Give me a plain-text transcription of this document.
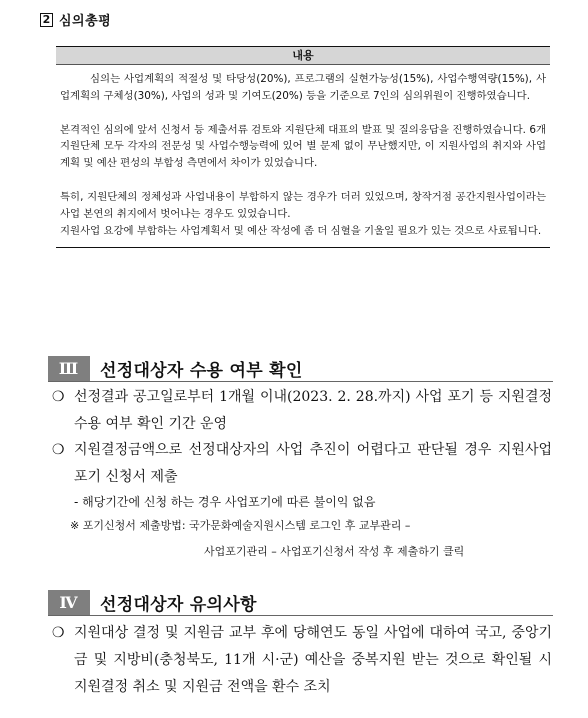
2 심의총평
내용

심의는 사업계획의 적절성 및 타당성(20%), 프로그램의 실현가능성(15%), 사업수행역량(15%), 사업계획의 구체성(30%), 사업의 성과 및 기여도(20%) 등을 기준으로 7인의 심의위원이 진행하였습니다.

본격적인 심의에 앞서 신청서 등 제출서류 검토와 지원단체 대표의 발표 및 질의응답을 진행하였습니다. 6개 지원단체 모두 각자의 전문성 및 사업수행능력에 있어 별 문제 없이 무난했지만, 이 지원사업의 취지와 사업계획 및 예산 편성의 부합성 측면에서 차이가 있었습니다.

특히, 지원단체의 정체성과 사업내용이 부합하지 않는 경우가 더러 있었으며, 창작거점 공간지원사업이라는 사업 본연의 취지에서 벗어나는 경우도 있었습니다.

지원사업 요강에 부합하는 사업계획서 및 예산 작성에 좀 더 심혈을 기울일 필요가 있는 것으로 사료됩니다.

Ⅲ	선정대상자 수용 여부 확인
❍ 선정결과 공고일로부터 1개월 이내(2023. 2. 28.까지) 사업 포기 등 지원결정 수용 여부 확인 기간 운영
❍ 지원결정금액으로 선정대상자의 사업 추진이 어렵다고 판단될 경우 지원사업 포기 신청서 제출
- 해당기간에 신청 하는 경우 사업포기에 따른 불이익 없음
※ 포기신청서 제출방법: 국가문화예술지원시스템 로그인 후 교부관리 –
사업포기관리 – 사업포기신청서 작성 후 제출하기 클릭
Ⅳ	선정대상자 유의사항
❍ 지원대상 결정 및 지원금 교부 후에 당해연도 동일 사업에 대하여 국고, 중앙기금 및 지방비(충청북도, 11개 시·군) 예산을 중복지원 받는 것으로 확인될 시 지원결정 취소 및 지원금 전액을 환수 조치
